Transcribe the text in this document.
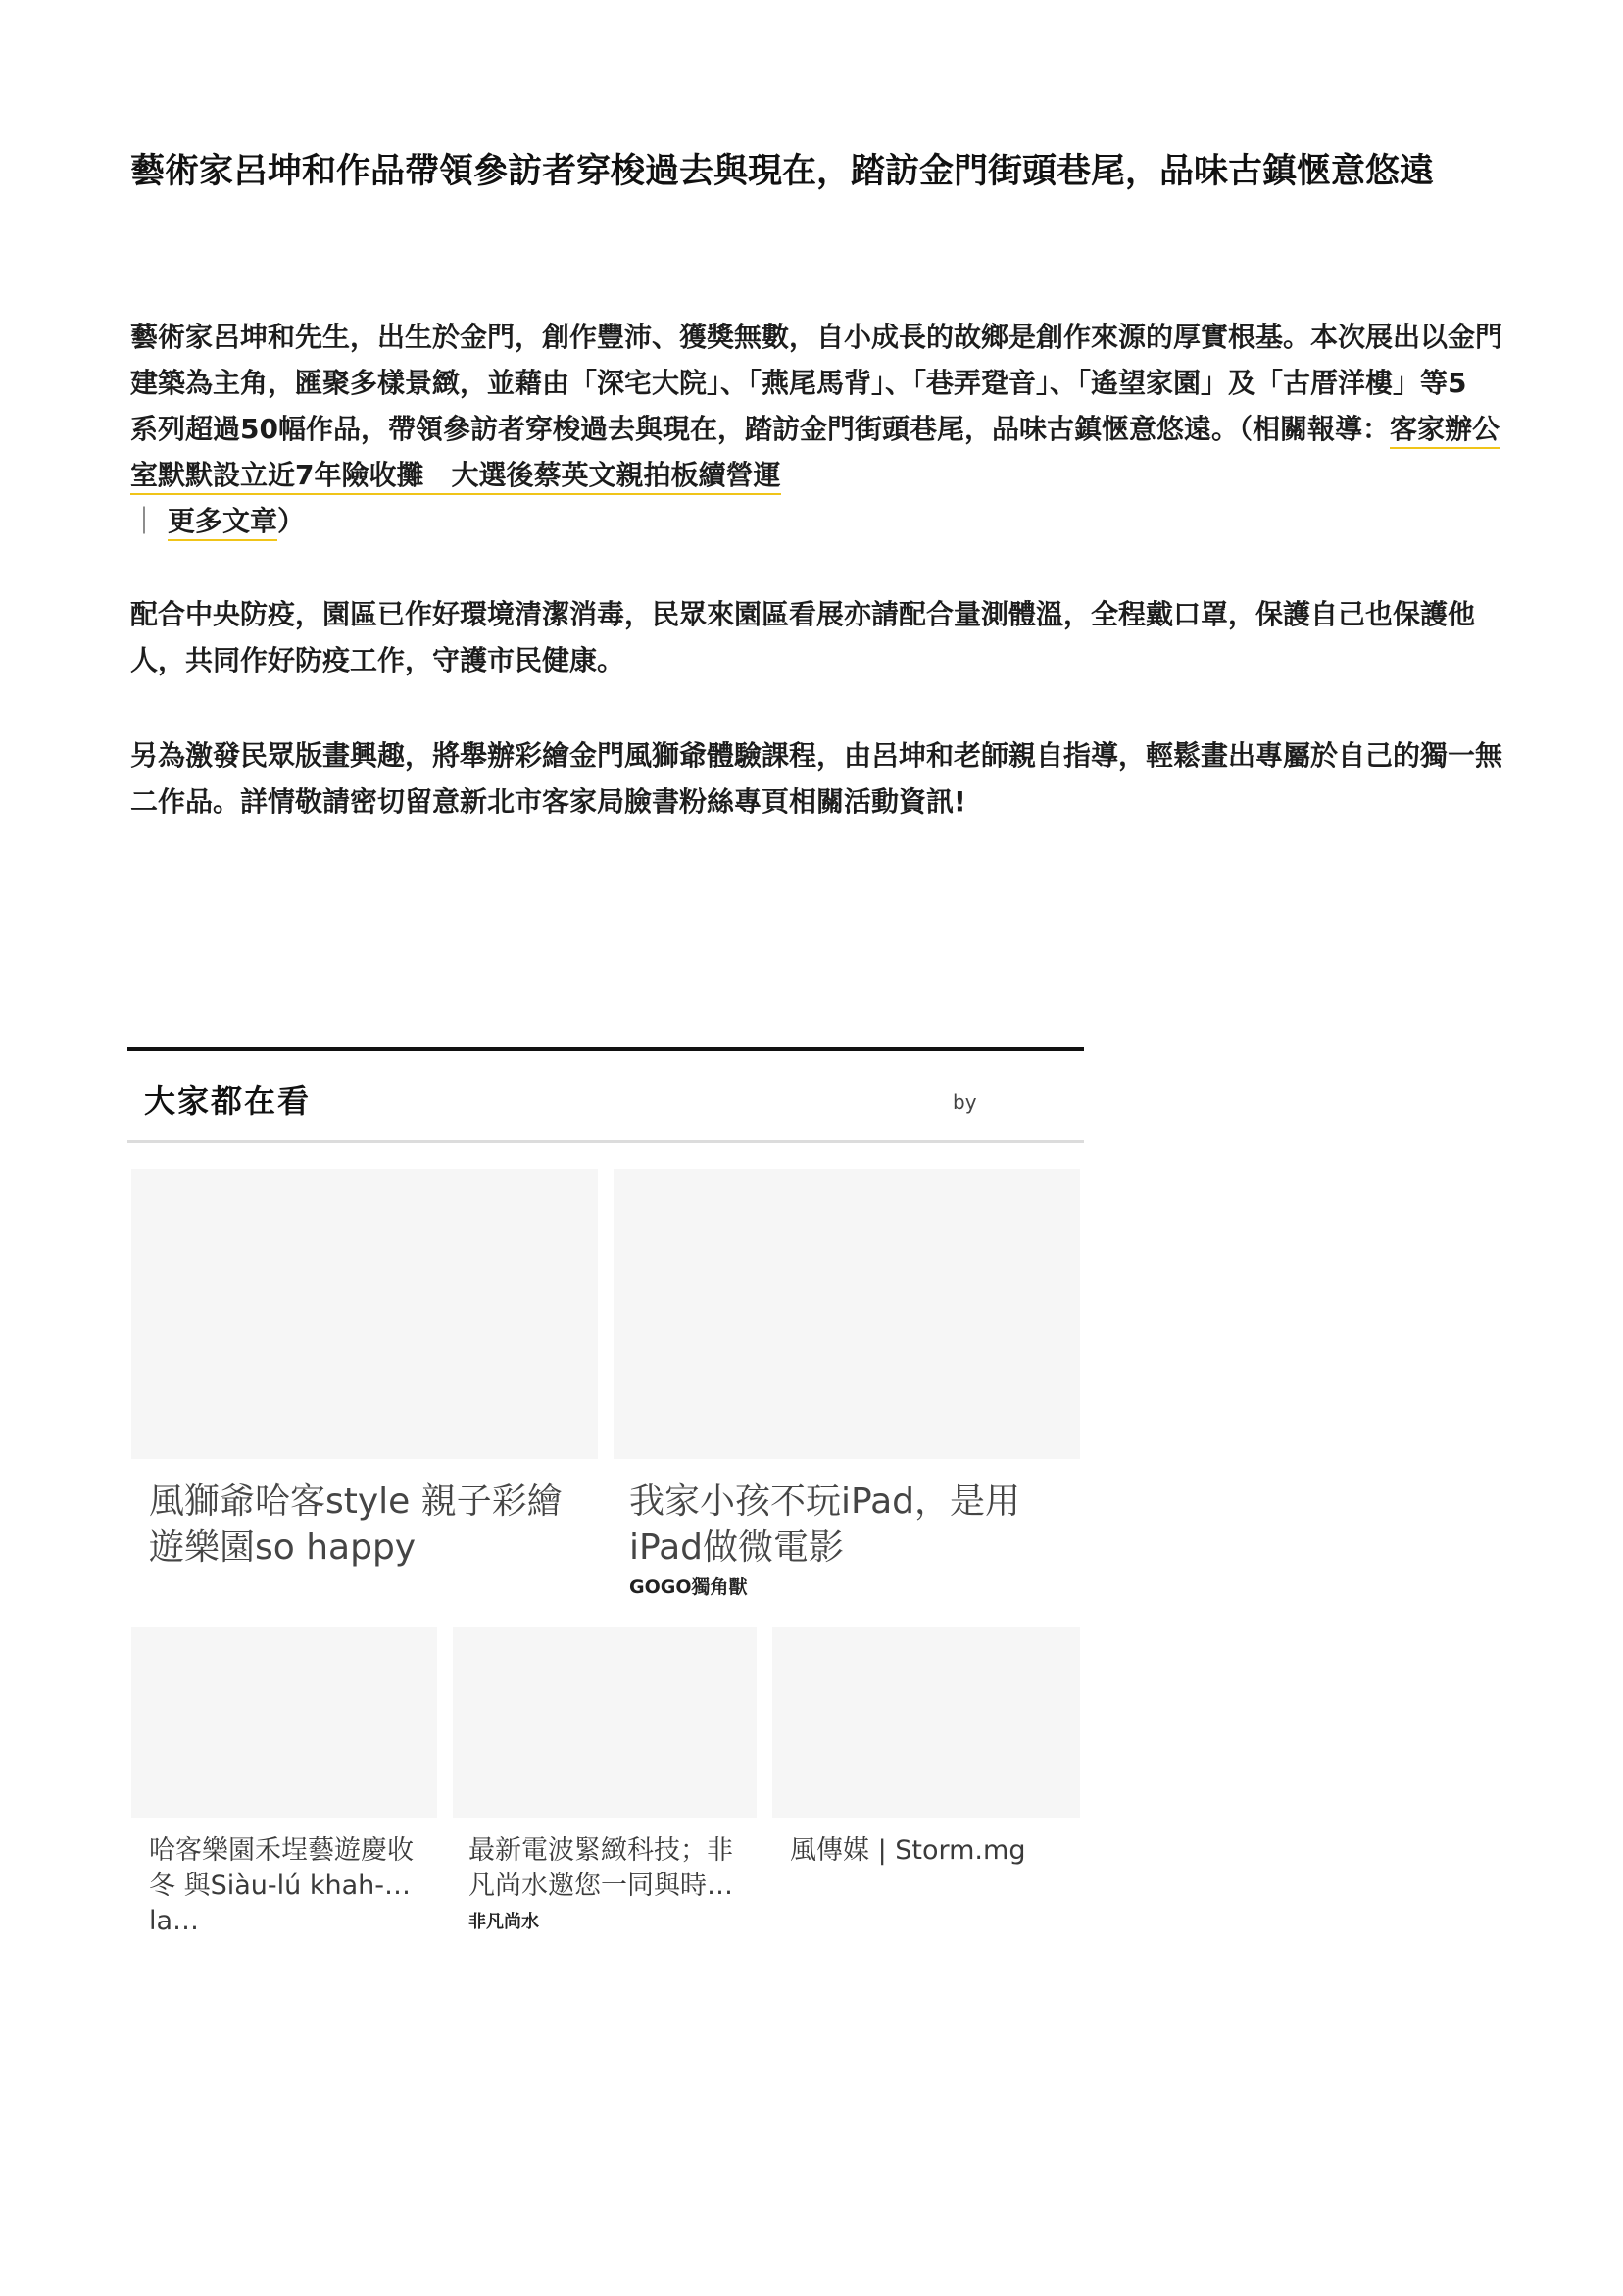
藝術家呂坤和作品帶領參訪者穿梭過去與現在，踏訪金門街頭巷尾，品味古鎮愜意悠遠

藝術家呂坤和先生，出生於金門，創作豐沛、獲獎無數，自小成長的故鄉是創作來源的厚實根基。本次展出以金門建築為主角，匯聚多樣景緻，並藉由「深宅大院」、「燕尾馬背」、「巷弄跫音」、「遙望家園」及「古厝洋樓」等5 系列超過50幅作品，帶領參訪者穿梭過去與現在，踏訪金門街頭巷尾，品味古鎮愜意悠遠。（相關報導：客家辦公室默默設立近7年險收攤　大選後蔡英文親拍板續營運
｜ 更多文章）

配合中央防疫，園區已作好環境清潔消毒，民眾來園區看展亦請配合量測體溫，全程戴口罩，保護自己也保護他人，共同作好防疫工作，守護市民健康。

另為激發民眾版畫興趣，將舉辦彩繪金門風獅爺體驗課程，由呂坤和老師親自指導，輕鬆畫出專屬於自己的獨一無二作品。詳情敬請密切留意新北市客家局臉書粉絲專頁相關活動資訊!

大家都在看	by

風獅爺哈客style 親子彩繪遊樂園so happy

我家小孩不玩iPad，是用iPad做微電影

GOGO獨角獸

哈客樂園禾埕藝遊慶收冬 與Siàu-lú khah-la…

最新電波緊緻科技；非凡尚水邀您一同與時…

非凡尚水

風傳媒 | Storm.mg
